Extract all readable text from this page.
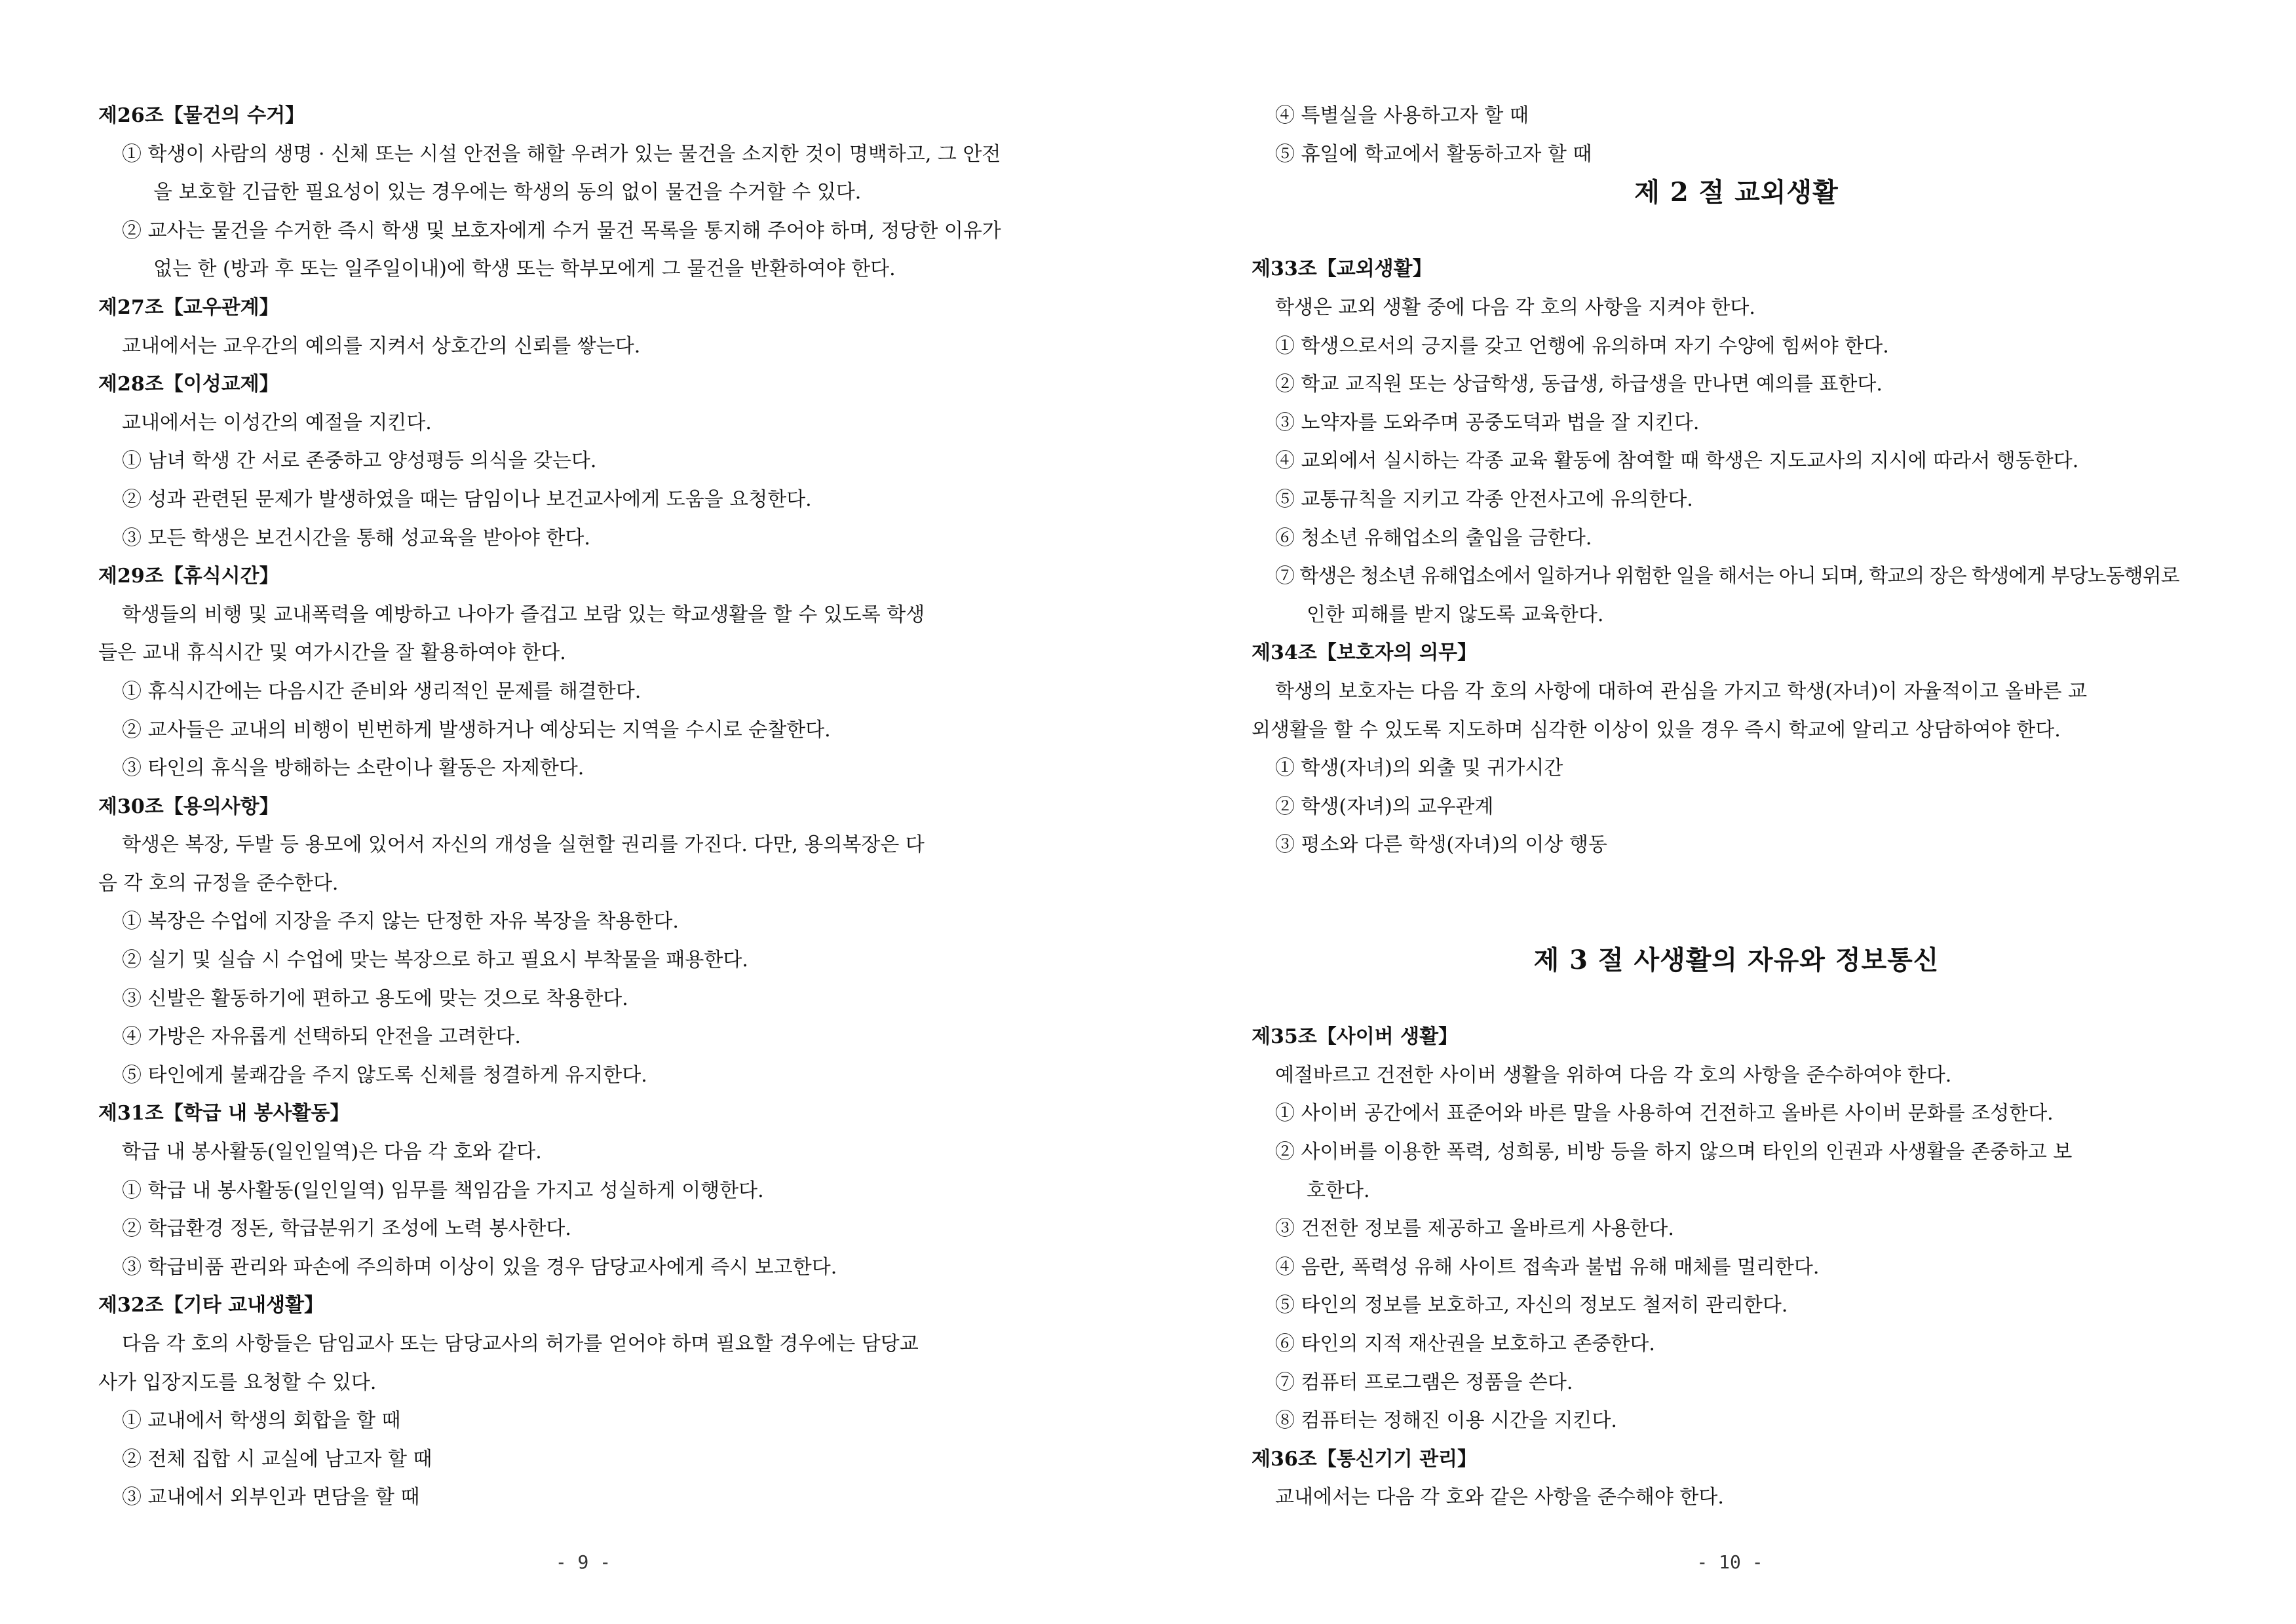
제26조【물건의 수거】
① 학생이 사람의 생명 · 신체 또는 시설 안전을 해할 우려가 있는 물건을 소지한 것이 명백하고, 그 안전
을 보호할 긴급한 필요성이 있는 경우에는 학생의 동의 없이 물건을 수거할 수 있다.
② 교사는 물건을 수거한 즉시 학생 및 보호자에게 수거 물건 목록을 통지해 주어야 하며, 정당한 이유가
없는 한 (방과 후 또는 일주일이내)에 학생 또는 학부모에게 그 물건을 반환하여야 한다.
제27조【교우관계】
교내에서는 교우간의 예의를 지켜서 상호간의 신뢰를 쌓는다.
제28조【이성교제】
교내에서는 이성간의 예절을 지킨다.
① 남녀 학생 간 서로 존중하고 양성평등 의식을 갖는다.
② 성과 관련된 문제가 발생하였을 때는 담임이나 보건교사에게 도움을 요청한다.
③ 모든 학생은 보건시간을 통해 성교육을 받아야 한다.
제29조【휴식시간】
학생들의 비행 및 교내폭력을 예방하고 나아가 즐겁고 보람 있는 학교생활을 할 수 있도록 학생
들은 교내 휴식시간 및 여가시간을 잘 활용하여야 한다.
① 휴식시간에는 다음시간 준비와 생리적인 문제를 해결한다.
② 교사들은 교내의 비행이 빈번하게 발생하거나 예상되는 지역을 수시로 순찰한다.
③ 타인의 휴식을 방해하는 소란이나 활동은 자제한다.
제30조【용의사항】
학생은 복장, 두발 등 용모에 있어서 자신의 개성을 실현할 권리를 가진다. 다만, 용의복장은 다
음 각 호의 규정을 준수한다.
① 복장은 수업에 지장을 주지 않는 단정한 자유 복장을 착용한다.
② 실기 및 실습 시 수업에 맞는 복장으로 하고 필요시 부착물을 패용한다.
③ 신발은 활동하기에 편하고 용도에 맞는 것으로 착용한다.
④ 가방은 자유롭게 선택하되 안전을 고려한다.
⑤ 타인에게 불쾌감을 주지 않도록 신체를 청결하게 유지한다.
제31조【학급 내 봉사활동】
학급 내 봉사활동(일인일역)은 다음 각 호와 같다.
① 학급 내 봉사활동(일인일역) 임무를 책임감을 가지고 성실하게 이행한다.
② 학급환경 정돈, 학급분위기 조성에 노력 봉사한다.
③ 학급비품 관리와 파손에 주의하며 이상이 있을 경우 담당교사에게 즉시 보고한다.
제32조【기타 교내생활】
다음 각 호의 사항들은 담임교사 또는 담당교사의 허가를 얻어야 하며 필요할 경우에는 담당교
사가 입장지도를 요청할 수 있다.
① 교내에서 학생의 회합을 할 때
② 전체 집합 시 교실에 남고자 할 때
③ 교내에서 외부인과 면담을 할 때
④ 특별실을 사용하고자 할 때
⑤ 휴일에 학교에서 활동하고자 할 때
제 2 절 교외생활
제33조【교외생활】
학생은 교외 생활 중에 다음 각 호의 사항을 지켜야 한다.
① 학생으로서의 긍지를 갖고 언행에 유의하며 자기 수양에 힘써야 한다.
② 학교 교직원 또는 상급학생, 동급생, 하급생을 만나면 예의를 표한다.
③ 노약자를 도와주며 공중도덕과 법을 잘 지킨다.
④ 교외에서 실시하는 각종 교육 활동에 참여할 때 학생은 지도교사의 지시에 따라서 행동한다.
⑤ 교통규칙을 지키고 각종 안전사고에 유의한다.
⑥ 청소년 유해업소의 출입을 금한다.
⑦ 학생은 청소년 유해업소에서 일하거나 위험한 일을 해서는 아니 되며, 학교의 장은 학생에게 부당노동행위로
인한 피해를 받지 않도록 교육한다.
제34조【보호자의 의무】
학생의 보호자는 다음 각 호의 사항에 대하여 관심을 가지고 학생(자녀)이 자율적이고 올바른 교
외생활을 할 수 있도록 지도하며 심각한 이상이 있을 경우 즉시 학교에 알리고 상담하여야 한다.
① 학생(자녀)의 외출 및 귀가시간
② 학생(자녀)의 교우관계
③ 평소와 다른 학생(자녀)의 이상 행동
제 3 절 사생활의 자유와 정보통신
제35조【사이버 생활】
예절바르고 건전한 사이버 생활을 위하여 다음 각 호의 사항을 준수하여야 한다.
① 사이버 공간에서 표준어와 바른 말을 사용하여 건전하고 올바른 사이버 문화를 조성한다.
② 사이버를 이용한 폭력, 성희롱, 비방 등을 하지 않으며 타인의 인권과 사생활을 존중하고 보
호한다.
③ 건전한 정보를 제공하고 올바르게 사용한다.
④ 음란, 폭력성 유해 사이트 접속과 불법 유해 매체를 멀리한다.
⑤ 타인의 정보를 보호하고, 자신의 정보도 철저히 관리한다.
⑥ 타인의 지적 재산권을 보호하고 존중한다.
⑦ 컴퓨터 프로그램은 정품을 쓴다.
⑧ 컴퓨터는 정해진 이용 시간을 지킨다.
제36조【통신기기 관리】
교내에서는 다음 각 호와 같은 사항을 준수해야 한다.
- 9 -	- 10 -
